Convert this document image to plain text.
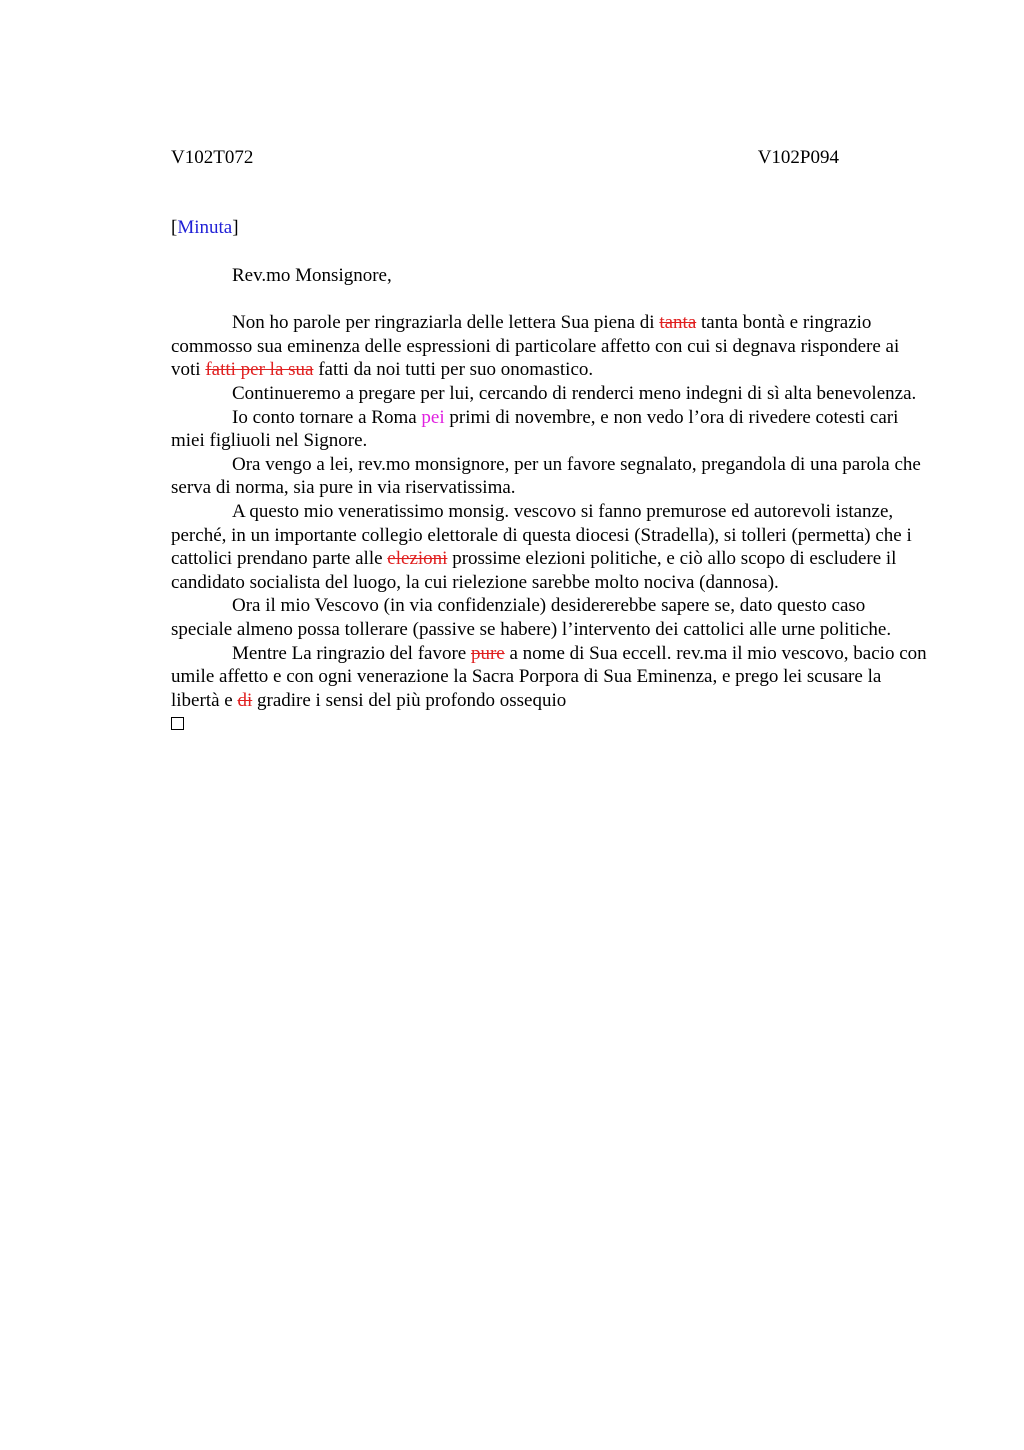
V102T072	V102P094

[Minuta]

Rev.mo Monsignore,

Non ho parole per ringraziarla delle lettera Sua piena di tanta tanta bontà e ringrazio commosso sua eminenza delle espressioni di particolare affetto con cui si degnava rispondere ai voti fatti per la sua fatti da noi tutti per suo onomastico.

Continueremo a pregare per lui, cercando di renderci meno indegni di sì alta benevolenza.

Io conto tornare a Roma pei primi di novembre, e non vedo l’ora di rivedere cotesti cari miei figliuoli nel Signore.

Ora vengo a lei, rev.mo monsignore, per un favore segnalato, pregandola di una parola che serva di norma, sia pure in via riservatissima.

A questo mio veneratissimo monsig. vescovo si fanno premurose ed autorevoli istanze, perché, in un importante collegio elettorale di questa diocesi (Stradella), si tolleri (permetta) che i cattolici prendano parte alle elezioni prossime elezioni politiche, e ciò allo scopo di escludere il candidato socialista del luogo, la cui rielezione sarebbe molto nociva (dannosa).

Ora il mio Vescovo (in via confidenziale) desidererebbe sapere se, dato questo caso speciale almeno possa tollerare (passive se habere) l’intervento dei cattolici alle urne politiche.

Mentre La ringrazio del favore pure a nome di Sua eccell. rev.ma il mio vescovo, bacio con umile affetto e con ogni venerazione la Sacra Porpora di Sua Eminenza, e prego lei scusare la libertà e di gradire i sensi del più profondo ossequio
